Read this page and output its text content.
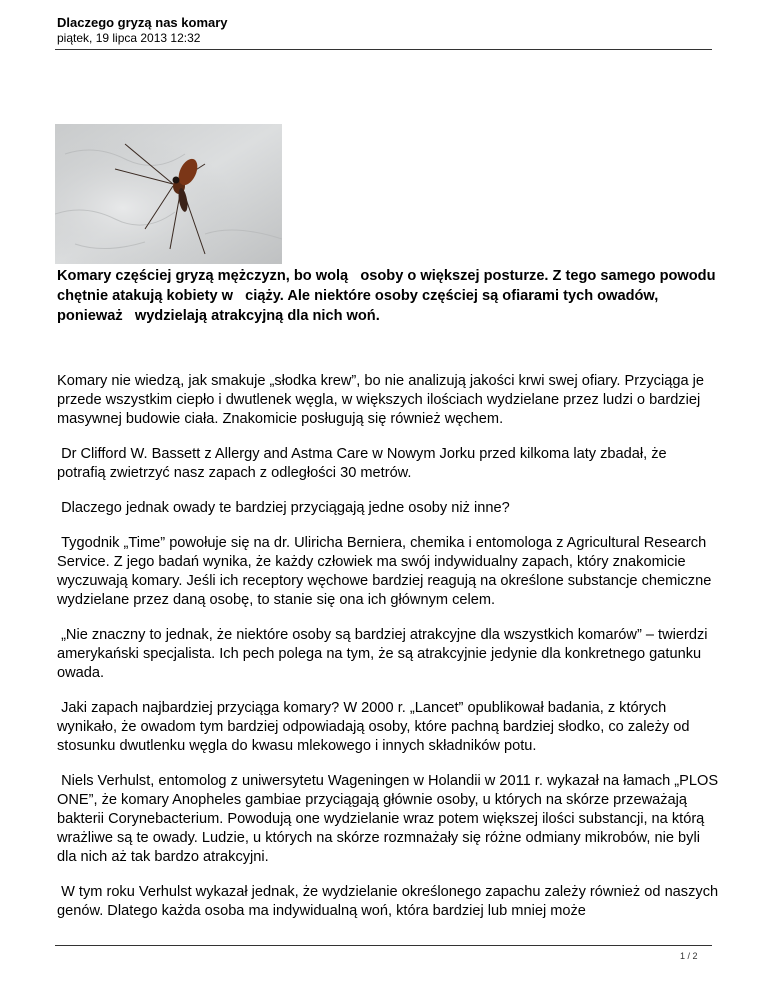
Dlaczego gryzą nas komary
piątek, 19 lipca 2013 12:32
Komary częściej gryzą mężczyzn, bo wolą   osoby o większej posturze. Z tego samego powodu chętnie atakują kobiety w   ciąży. Ale niektóre osoby częściej są ofiarami tych owadów, ponieważ   wydzielają atrakcyjną dla nich woń.

Komary nie wiedzą, jak smakuje „słodka krew”, bo nie analizują jakości krwi swej ofiary. Przyciąga je przede wszystkim ciepło i dwutlenek węgla, w większych ilościach wydzielane przez ludzi o bardziej masywnej budowie ciała. Znakomicie posługują się również węchem.

Dr Clifford W. Bassett z Allergy and Astma Care w Nowym Jorku przed kilkoma laty zbadał, że potrafią zwietrzyć nasz zapach z odległości 30 metrów.

Dlaczego jednak owady te bardziej przyciągają jedne osoby niż inne?

Tygodnik „Time” powołuje się na dr. Uliricha Berniera, chemika i entomologa z Agricultural Research Service. Z jego badań wynika, że każdy człowiek ma swój indywidualny zapach, który znakomicie wyczuwają komary. Jeśli ich receptory węchowe bardziej reagują na określone substancje chemiczne wydzielane przez daną osobę, to stanie się ona ich głównym celem.

„Nie znaczny to jednak, że niektóre osoby są bardziej atrakcyjne dla wszystkich komarów” – twierdzi amerykański specjalista. Ich pech polega na tym, że są atrakcyjnie jedynie dla konkretnego gatunku owada.

Jaki zapach najbardziej przyciąga komary? W 2000 r. „Lancet” opublikował badania, z których wynikało, że owadom tym bardziej odpowiadają osoby, które pachną bardziej słodko, co zależy od stosunku dwutlenku węgla do kwasu mlekowego i innych składników potu.

Niels Verhulst, entomolog z uniwersytetu Wageningen w Holandii w 2011 r. wykazał na łamach „PLOS ONE”, że komary Anopheles gambiae przyciągają głównie osoby, u których na skórze przeważają bakterii Corynebacterium. Powodują one wydzielanie wraz potem większej ilości substancji, na którą wrażliwe są te owady. Ludzie, u których na skórze rozmnażały się różne odmiany mikrobów, nie byli dla nich aż tak bardzo atrakcyjni.

W tym roku Verhulst wykazał jednak, że wydzielanie określonego zapachu zależy również od naszych genów. Dlatego każda osoba ma indywidualną woń, która bardziej lub mniej może

1 / 2
